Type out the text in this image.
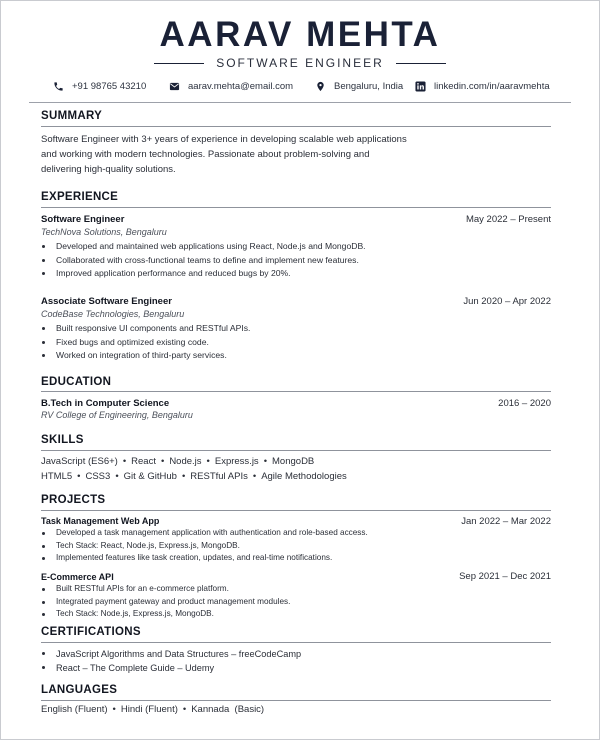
AARAV MEHTA
SOFTWARE ENGINEER
+91 98765 43210	aarav.mehta@email.com	Bengaluru, India	linkedin.com/in/aaravmehta
SUMMARY
Software Engineer with 3+ years of experience in developing scalable web applications
and working with modern technologies. Passionate about problem-solving and
delivering high-quality solutions.
EXPERIENCE
Software Engineer	May 2022 – Present
TechNova Solutions, Bengaluru
Developed and maintained web applications using React, Node.js and MongoDB.
Collaborated with cross-functional teams to define and implement new features.
Improved application performance and reduced bugs by 20%.
Associate Software Engineer	Jun 2020 – Apr 2022
CodeBase Technologies, Bengaluru
Built responsive UI components and RESTful APIs.
Fixed bugs and optimized existing code.
Worked on integration of third-party services.
EDUCATION
B.Tech in Computer Science	2016 – 2020
RV College of Engineering, Bengaluru
SKILLS
JavaScript (ES6+) • React • Node.js • Express.js • MongoDB
HTML5 • CSS3 • Git & GitHub • RESTful APIs • Agile Methodologies
PROJECTS
Task Management Web App	Jan 2022 – Mar 2022
Developed a task management application with authentication and role-based access.
Tech Stack: React, Node.js, Express.js, MongoDB.
Implemented features like task creation, updates, and real-time notifications.
E-Commerce API	Sep 2021 – Dec 2021
Built RESTful APIs for an e-commerce platform.
Integrated payment gateway and product management modules.
Tech Stack: Node.js, Express.js, MongoDB.
CERTIFICATIONS
JavaScript Algorithms and Data Structures – freeCodeCamp
React – The Complete Guide – Udemy
LANGUAGES
English (Fluent) • Hindi (Fluent) • Kannada  (Basic)
